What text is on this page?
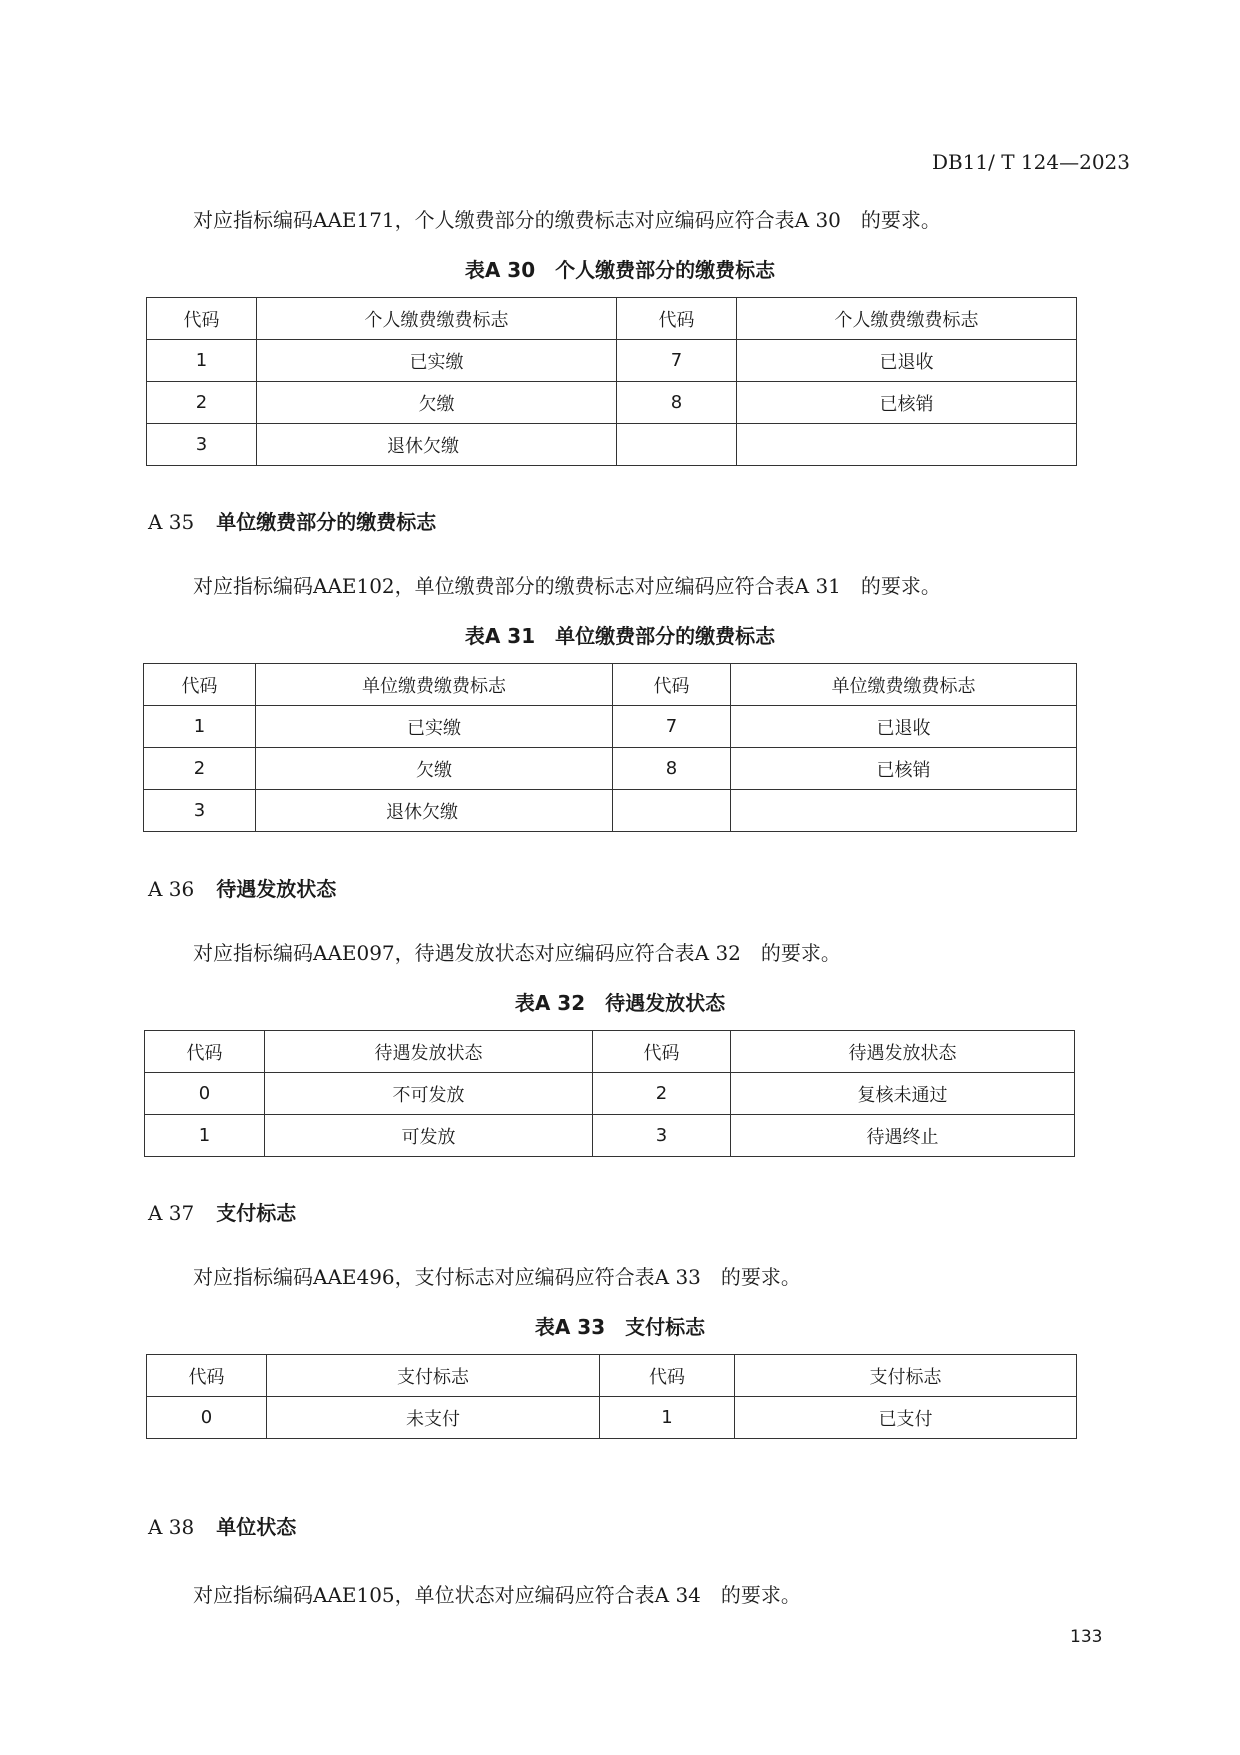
DB11/ T 124—2023
对应指标编码AAE171，个人缴费部分的缴费标志对应编码应符合表A 30　的要求。
表A 30　个人缴费部分的缴费标志
代码	个人缴费缴费标志	代码	个人缴费缴费标志
1	已实缴	7	已退收
2	欠缴	8	已核销
3	退休欠缴		
A 35 单位缴费部分的缴费标志
对应指标编码AAE102，单位缴费部分的缴费标志对应编码应符合表A 31　的要求。
表A 31　单位缴费部分的缴费标志
代码	单位缴费缴费标志	代码	单位缴费缴费标志
1	已实缴	7	已退收
2	欠缴	8	已核销
3	退休欠缴		
A 36 待遇发放状态
对应指标编码AAE097，待遇发放状态对应编码应符合表A 32　的要求。
表A 32　待遇发放状态
代码	待遇发放状态	代码	待遇发放状态
0	不可发放	2	复核未通过
1	可发放	3	待遇终止
A 37 支付标志
对应指标编码AAE496，支付标志对应编码应符合表A 33　的要求。
表A 33　支付标志
代码	支付标志	代码	支付标志
0	未支付	1	已支付
A 38 单位状态
对应指标编码AAE105，单位状态对应编码应符合表A 34　的要求。
133
